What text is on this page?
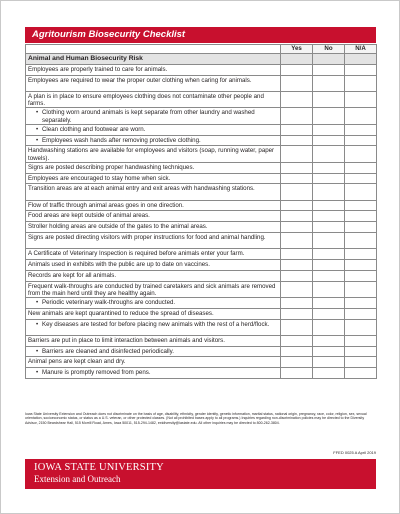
Agritourism Biosecurity Checklist
	Yes	No	N/A
Animal and Human Biosecurity Risk			

Employees are properly trained to care for animals.			

Employees are required to wear the proper outer clothing when caring for animals.			

A plan is in place to ensure employees clothing does not contaminate other people and farms.			

• Clothing worn around animals is kept separate from other laundry and washed separately.			

• Clean clothing and footwear are worn.			

• Employees wash hands after removing protective clothing.			

Handwashing stations are available for employees and visitors (soap, running water, paper towels).			

Signs are posted describing proper handwashing techniques.			

Employees are encouraged to stay home when sick.			

Transition areas are at each animal entry and exit areas with handwashing stations.			

Flow of traffic through animal areas goes in one direction.			

Food areas are kept outside of animal areas.			

Stroller holding areas are outside of the gates to the animal areas.			

Signs are posted directing visitors with proper instructions for food and animal handling.			

A Certificate of Veterinary Inspection is required before animals enter your farm.			

Animals used in exhibits with the public are up to date on vaccines.			

Records are kept for all animals.			

Frequent walk-throughs are conducted by trained caretakers and sick animals are removed from the main herd until they are healthy again.			

• Periodic veterinary walk-throughs are conducted.			

New animals are kept quarantined to reduce the spread of diseases.			

• Key diseases are tested for before placing new animals with the rest of a herd/flock.			

Barriers are put in place to limit interaction between animals and visitors.			

• Barriers are cleaned and disinfected periodically.			

Animal pens are kept clean and dry.			

• Manure is promptly removed from pens.			

Iowa State University Extension and Outreach does not discriminate on the basis of age, disability, ethnicity, gender identity, genetic information, marital status, national origin, pregnancy, race, color, religion, sex, sexual orientation, socioeconomic status, or status as a U.S. veteran, or other protected classes. (Not all prohibited bases apply to all programs.) Inquiries regarding non-discrimination policies may be directed to the Diversity Advisor, 2150 Beardshear Hall, 515 Morrill Road, Ames, Iowa 50011, 515-294-1482, extdiversity@iastate.edu. All other inquiries may be directed to 800-262-3804.
FFED 0025 A April 2019
IOWA STATE UNIVERSITY
Extension and Outreach
